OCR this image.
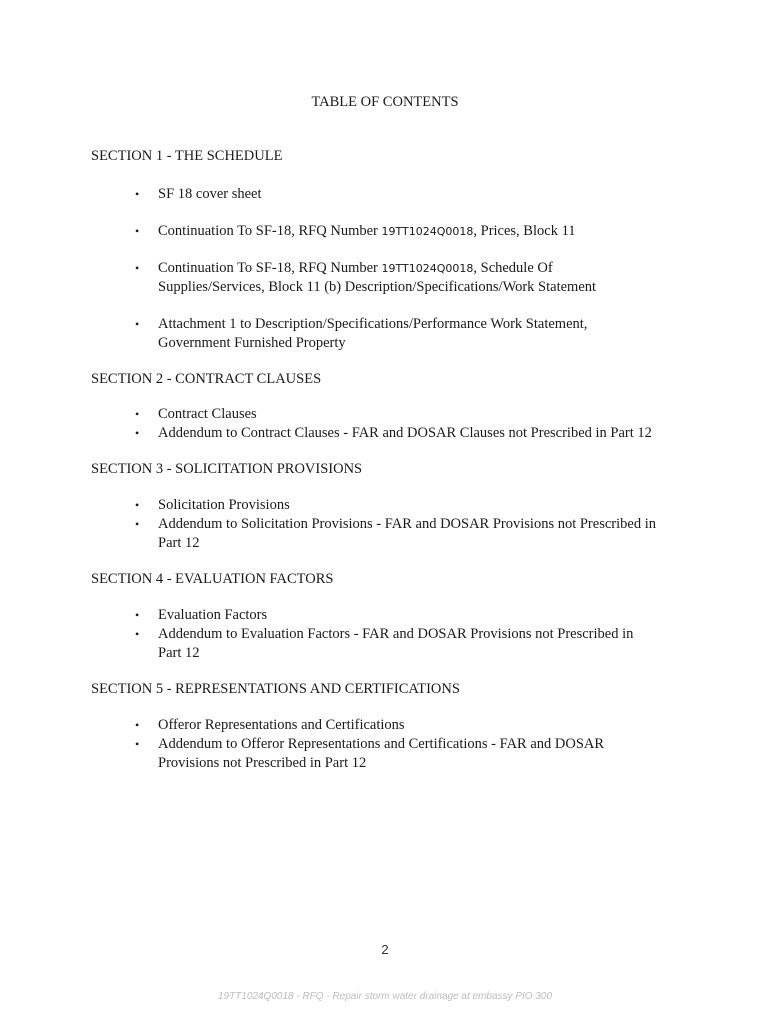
TABLE OF CONTENTS

SECTION 1 - THE SCHEDULE

• SF 18 cover sheet
• Continuation To SF-18, RFQ Number 19TT1024Q0018, Prices, Block 11
• Continuation To SF-18, RFQ Number 19TT1024Q0018, Schedule Of
Supplies/Services, Block 11 (b) Description/Specifications/Work Statement
• Attachment 1 to Description/Specifications/Performance Work Statement,
Government Furnished Property

SECTION 2 - CONTRACT CLAUSES

• Contract Clauses
• Addendum to Contract Clauses - FAR and DOSAR Clauses not Prescribed in Part 12

SECTION 3 - SOLICITATION PROVISIONS

• Solicitation Provisions
• Addendum to Solicitation Provisions - FAR and DOSAR Provisions not Prescribed in
Part 12

SECTION 4 - EVALUATION FACTORS

• Evaluation Factors
• Addendum to Evaluation Factors - FAR and DOSAR Provisions not Prescribed in
Part 12

SECTION 5 - REPRESENTATIONS AND CERTIFICATIONS

• Offeror Representations and Certifications
• Addendum to Offeror Representations and Certifications - FAR and DOSAR
Provisions not Prescribed in Part 12
2
19TT1024Q0018 - RFQ - Repair storm water drainage at embassy PIO 300
